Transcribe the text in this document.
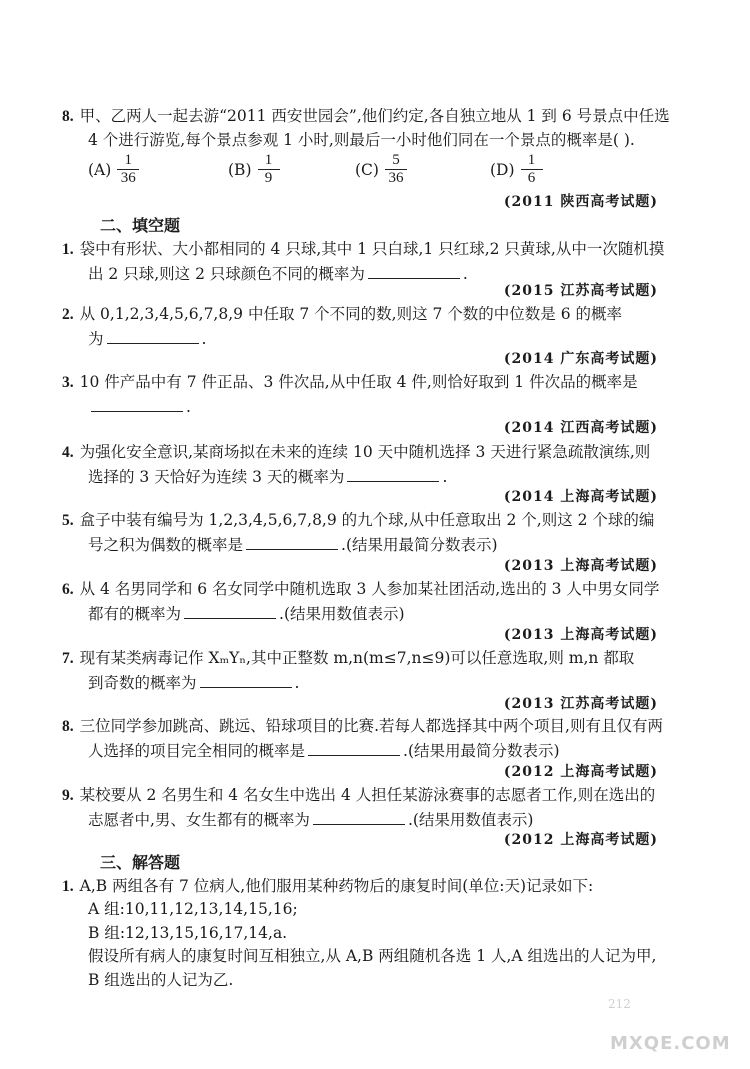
8. 甲、乙两人一起去游“2011 西安世园会”,他们约定,各自独立地从 1 到 6 号景点中任选
4 个进行游览,每个景点参观 1 小时,则最后一小时他们同在一个景点的概率是( ).
$(A) \frac{1}{36}$	$(B) \frac{1}{9}$	$(C) \frac{5}{36}$	$(D) \frac{1}{6}$
(2011 陕西高考试题)
二、填空题
1. 袋中有形状、大小都相同的 4 只球,其中 1 只白球,1 只红球,2 只黄球,从中一次随机摸
出 2 只球,则这 2 只球颜色不同的概率为	.
(2015 江苏高考试题)
2. 从 0,1,2,3,4,5,6,7,8,9 中任取 7 个不同的数,则这 7 个数的中位数是 6 的概率
为	.
(2014 广东高考试题)
3. 10 件产品中有 7 件正品、3 件次品,从中任取 4 件,则恰好取到 1 件次品的概率是
.
(2014 江西高考试题)
4. 为强化安全意识,某商场拟在未来的连续 10 天中随机选择 3 天进行紧急疏散演练,则
选择的 3 天恰好为连续 3 天的概率为	.
(2014 上海高考试题)
5. 盒子中装有编号为 1,2,3,4,5,6,7,8,9 的九个球,从中任意取出 2 个,则这 2 个球的编
号之积为偶数的概率是	.(结果用最简分数表示)
(2013 上海高考试题)
6. 从 4 名男同学和 6 名女同学中随机选取 3 人参加某社团活动,选出的 3 人中男女同学
都有的概率为	.(结果用数值表示)
(2013 上海高考试题)
7. 现有某类病毒记作 XₘYₙ,其中正整数 m,n(m≤7,n≤9)可以任意选取,则 m,n 都取
到奇数的概率为	.
(2013 江苏高考试题)
8. 三位同学参加跳高、跳远、铅球项目的比赛.若每人都选择其中两个项目,则有且仅有两
人选择的项目完全相同的概率是	.(结果用最简分数表示)
(2012 上海高考试题)
9. 某校要从 2 名男生和 4 名女生中选出 4 人担任某游泳赛事的志愿者工作,则在选出的
志愿者中,男、女生都有的概率为	.(结果用数值表示)
(2012 上海高考试题)
三、解答题
1. A,B 两组各有 7 位病人,他们服用某种药物后的康复时间(单位:天)记录如下:
A 组:10,11,12,13,14,15,16;
B 组:12,13,15,16,17,14,a.
假设所有病人的康复时间互相独立,从 A,B 两组随机各选 1 人,A 组选出的人记为甲,
B 组选出的人记为乙.
212
MXQE.COM
